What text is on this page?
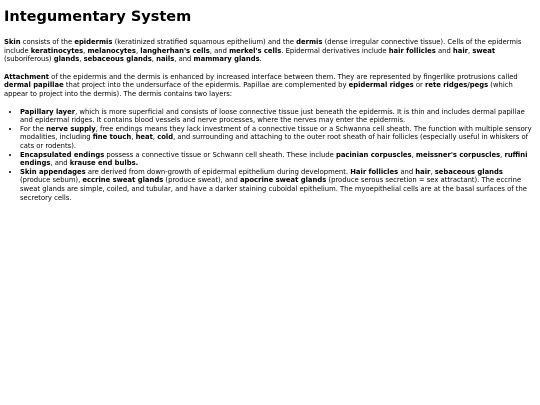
Integumentary System

Skin consists of the epidermis (keratinized stratified squamous epithelium) and the dermis (dense irregular connective tissue). Cells of the epidermis include keratinocytes, melanocytes, langherhan's cells, and merkel's cells. Epidermal derivatives include hair follicles and hair, sweat (suboriferous) glands, sebaceous glands, nails, and mammary glands.

Attachment of the epidermis and the dermis is enhanced by increased interface between them. They are represented by fingerlike protrusions called dermal papillae that project into the undersurface of the epidermis. Papillae are complemented by epidermal ridges or rete ridges/pegs (which appear to project into the dermis). The dermis contains two layers:

• Papillary layer, which is more superficial and consists of loose connective tissue just beneath the epidermis. It is thin and includes dermal papillae and epidermal ridges. It contains blood vessels and nerve processes, where the nerves may enter the epidermis.
• For the nerve supply, free endings means they lack investment of a connective tissue or a Schwanna cell sheath. The function with multiple sensory modalities, including fine touch, heat, cold, and surrounding and attaching to the outer root sheath of hair follicles (especially useful in whiskers of cats or rodents).
• Encapsulated endings possess a connective tissue or Schwann cell sheath. These include pacinian corpuscles, meissner's corpuscles, ruffini endings, and krause end bulbs.
• Skin appendages are derived from down-growth of epidermal epithelium during development. Hair follicles and hair, sebaceous glands (produce sebum), eccrine sweat glands (produce sweat), and apocrine sweat glands (produce serous secretion = sex attractant). The eccrine sweat glands are simple, coiled, and tubular, and have a darker staining cuboidal epithelium. The myoepithelial cells are at the basal surfaces of the secretory cells.
